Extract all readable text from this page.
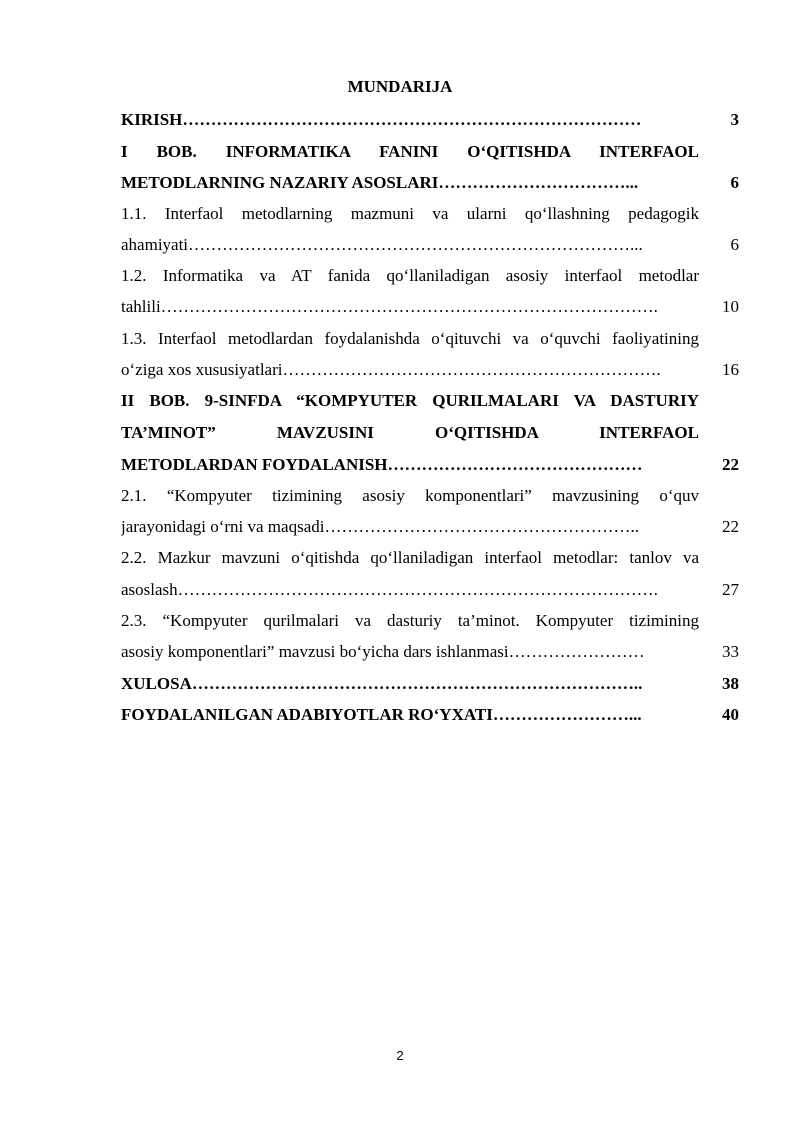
MUNDARIJA
KIRISH………………………………………………………………………	3
I BOB. INFORMATIKA FANINI O‘QITISHDA INTERFAOL
METODLARNING NAZARIY ASOSLARI……………………………...	6
1.1. Interfaol metodlarning mazmuni va ularni qo‘llashning pedagogik
ahamiyati……………………………………………………………………...	6
1.2. Informatika va AT fanida qo‘llaniladigan asosiy interfaol metodlar
tahlili…………………………………………………………………………….	10
1.3. Interfaol metodlardan foydalanishda o‘qituvchi va o‘quvchi faoliyatining
o‘ziga xos xususiyatlari………………………………………………………….	16
II BOB. 9-SINFDA “KOMPYUTER QURILMALARI VA DASTURIY
TA’MINOT” MAVZUSINI O‘QITISHDA INTERFAOL
METODLARDAN FOYDALANISH………………………………………	22
2.1. “Kompyuter tizimining asosiy komponentlari” mavzusining o‘quv
jarayonidagi o‘rni va maqsadi………………………………………………..	22
2.2. Mazkur mavzuni o‘qitishda qo‘llaniladigan interfaol metodlar: tanlov va
asoslash………………………………………………………………………….	27
2.3. “Kompyuter qurilmalari va dasturiy ta’minot. Kompyuter tizimining
asosiy komponentlari” mavzusi bo‘yicha dars ishlanmasi……………………	33
XULOSA……………………………………………………………………..	38
FOYDALANILGAN ADABIYOTLAR RO‘YXATI……………………...	40
2
